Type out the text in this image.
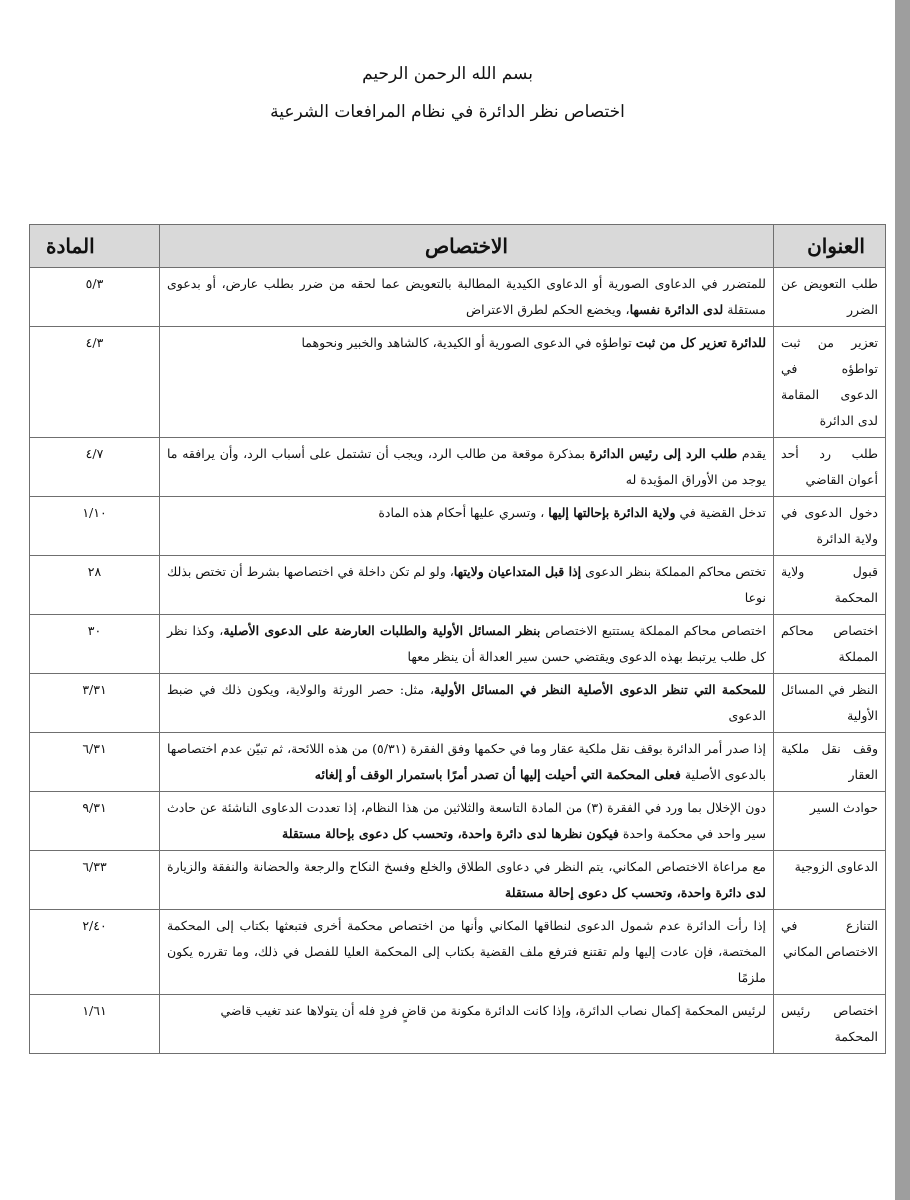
بسم الله الرحمن الرحيم
اختصاص نظر الدائرة في نظام المرافعات الشرعية
العنوان	الاختصاص	المادة
طلب التعويض عن الضرر	للمتضرر في الدعاوى الصورية أو الدعاوى الكيدية المطالبة بالتعويض عما لحقه من ضرر بطلب عارض، أو بدعوى مستقلة لدى الدائرة نفسها، ويخضع الحكم لطرق الاعتراض	٥/٣
تعزير من ثبت تواطؤه في الدعوى المقامة لدى الدائرة	للدائرة تعزير كل من ثبت تواطؤه في الدعوى الصورية أو الكيدية، كالشاهد والخبير ونحوهما	٤/٣
طلب رد أحد أعوان القاضي	يقدم طلب الرد إلى رئيس الدائرة بمذكرة موقعة من طالب الرد، ويجب أن تشتمل على أسباب الرد، وأن يرافقه ما يوجد من الأوراق المؤيدة له	٤/٧
دخول الدعوى في ولاية الدائرة	تدخل القضية في ولاية الدائرة بإحالتها إليها ، وتسري عليها أحكام هذه المادة	١/١٠
قبول ولاية المحكمة	تختص محاكم المملكة بنظر الدعوى إذا قبل المتداعيان ولايتها، ولو لم تكن داخلة في اختصاصها بشرط أن تختص بذلك نوعا	٢٨
اختصاص محاكم المملكة	اختصاص محاكم المملكة يستتبع الاختصاص بنظر المسائل الأولية والطلبات العارضة على الدعوى الأصلية، وكذا نظر كل طلب يرتبط بهذه الدعوى ويقتضي حسن سير العدالة أن ينظر معها	٣٠
النظر في المسائل الأولية	للمحكمة التي تنظر الدعوى الأصلية النظر في المسائل الأولية، مثل: حصر الورثة والولاية، ويكون ذلك في ضبط الدعوى	٣/٣١
وقف نقل ملكية العقار	إذا صدر أمر الدائرة بوقف نقل ملكية عقار وما في حكمها وفق الفقرة (٥/٣١) من هذه اللائحة، ثم تبيّن عدم اختصاصها بالدعوى الأصلية فعلى المحكمة التي أحيلت إليها أن تصدر أمرًا باستمرار الوقف أو إلغائه	٦/٣١
حوادث السير	دون الإخلال بما ورد في الفقرة (٣) من المادة التاسعة والثلاثين من هذا النظام، إذا تعددت الدعاوى الناشئة عن حادث سير واحد في محكمة واحدة فيكون نظرها لدى دائرة واحدة، وتحسب كل دعوى بإحالة مستقلة	٩/٣١
الدعاوى الزوجية	مع مراعاة الاختصاص المكاني، يتم النظر في دعاوى الطلاق والخلع وفسخ النكاح والرجعة والحضانة والنفقة والزيارة لدى دائرة واحدة، وتحسب كل دعوى إحالة مستقلة	٦/٣٣
التنازع في الاختصاص المكاني	إذا رأت الدائرة عدم شمول الدعوى لنطاقها المكاني وأنها من اختصاص محكمة أخرى فتبعثها بكتاب إلى المحكمة المختصة، فإن عادت إليها ولم تقتنع فترفع ملف القضية بكتاب إلى المحكمة العليا للفصل في ذلك، وما تقرره يكون ملزمًا	٢/٤٠
اختصاص رئيس المحكمة	لرئيس المحكمة إكمال نصاب الدائرة، وإذا كانت الدائرة مكونة من قاضٍ فردٍ فله أن يتولاها عند تغيب قاضي	١/٦١
